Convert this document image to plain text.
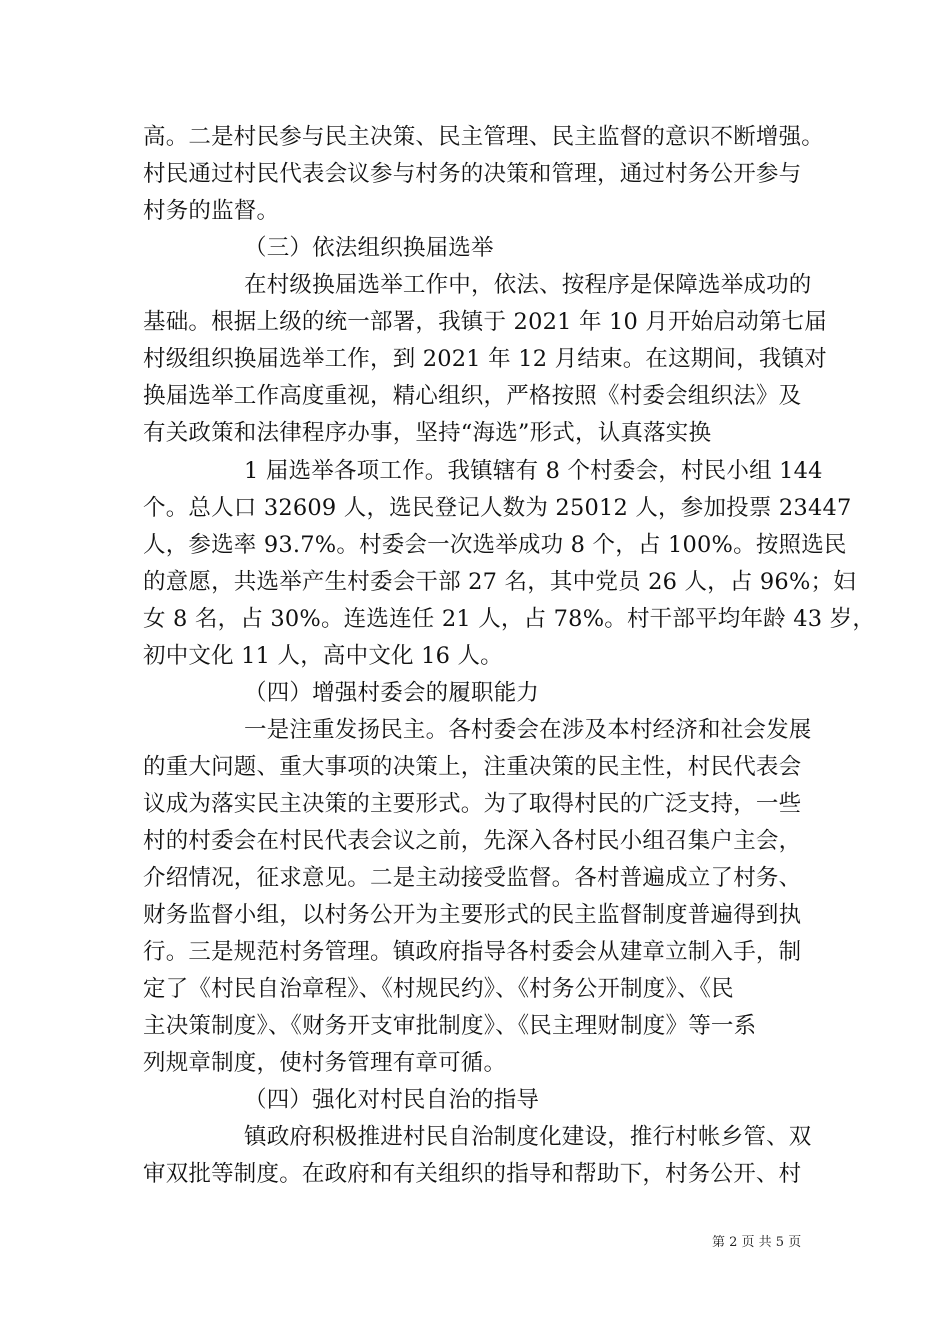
高。二是村民参与民主决策、民主管理、民主监督的意识不断增强。
村民通过村民代表会议参与村务的决策和管理，通过村务公开参与
村务的监督。
（三）依法组织换届选举
在村级换届选举工作中，依法、按程序是保障选举成功的
基础。根据上级的统一部署，我镇于 2021 年 10 月开始启动第七届
村级组织换届选举工作，到 2021 年 12 月结束。在这期间，我镇对
换届选举工作高度重视，精心组织，严格按照《村委会组织法》及
有关政策和法律程序办事，坚持“海选”形式，认真落实换
1 届选举各项工作。我镇辖有 8 个村委会，村民小组 144
个。总人口 32609 人，选民登记人数为 25012 人，参加投票 23447
人，参选率 93.7%。村委会一次选举成功 8 个，占 100%。按照选民
的意愿，共选举产生村委会干部 27 名，其中党员 26 人，占 96%；妇
女 8 名，占 30%。连选连任 21 人，占 78%。村干部平均年龄 43 岁，
初中文化 11 人，高中文化 16 人。
（四）增强村委会的履职能力
一是注重发扬民主。各村委会在涉及本村经济和社会发展
的重大问题、重大事项的决策上，注重决策的民主性，村民代表会
议成为落实民主决策的主要形式。为了取得村民的广泛支持，一些
村的村委会在村民代表会议之前，先深入各村民小组召集户主会，
介绍情况，征求意见。二是主动接受监督。各村普遍成立了村务、
财务监督小组，以村务公开为主要形式的民主监督制度普遍得到执
行。三是规范村务管理。镇政府指导各村委会从建章立制入手，制
定了《村民自治章程》、《村规民约》、《村务公开制度》、《民
主决策制度》、《财务开支审批制度》、《民主理财制度》等一系
列规章制度，使村务管理有章可循。
（四）强化对村民自治的指导
镇政府积极推进村民自治制度化建设，推行村帐乡管、双
审双批等制度。在政府和有关组织的指导和帮助下，村务公开、村
第 2 页 共 5 页
